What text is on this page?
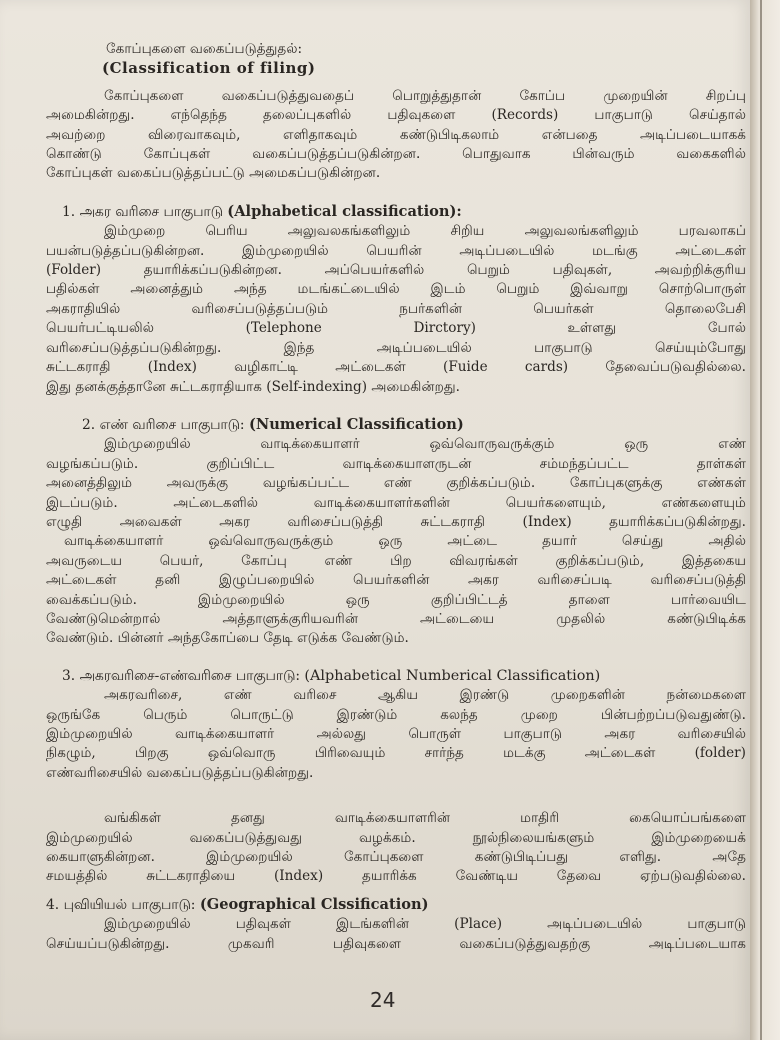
கோப்புகளை வகைப்படுத்துதல்:
(Classification of filing)
கோப்புகளை வகைப்படுத்துவதைப் பொறுத்துதான் கோப்ப முறையின் சிறப்பு
அமைகின்றது. எந்தெந்த தலைப்புகளில் பதிவுகளை (Records) பாகுபாடு செய்தால்
அவற்றை விரைவாகவும், எளிதாகவும் கண்டுபிடிகலாம் என்பதை அடிப்படையாகக்
கொண்டு கோப்புகள் வகைப்படுத்தப்படுகின்றன. பொதுவாக பின்வரும் வகைகளில்
கோப்புகள் வகைப்படுத்தப்பட்டு அமைகப்படுகின்றன.
1. அகர வரிசை பாகுபாடு (Alphabetical classification):
இம்முறை பெரிய அலுவலகங்களிலும் சிறிய அலுவலங்களிலும் பரவலாகப்
பயன்படுத்தப்படுகின்றன. இம்முறையில் பெயரின் அடிப்படையில் மடங்கு அட்டைகள்
(Folder) தயாரிக்கப்படுகின்றன. அப்பெயர்களில் பெறும் பதிவுகள், அவற்றிக்குரிய
பதில்கள் அனைத்தும் அந்த மடங்கட்டையில் இடம் பெறும் இவ்வாறு சொற்பொருள்
அகராதியில் வரிசைப்படுத்தப்படும் நபர்களின் பெயர்கள் தொலைபேசி
பெயர்பட்டியலில் (Telephone Dirctory) உள்ளது போல்
வரிசைப்படுத்தப்படுகின்றது. இந்த அடிப்படையில் பாகுபாடு செய்யும்போது
சுட்டகராதி (Index) வழிகாட்டி அட்டைகள் (Fuide cards) தேவைப்படுவதில்லை.
இது தனக்குத்தானே சுட்டகராதியாக (Self-indexing) அமைகின்றது.
2. எண் வரிசை பாகுபாடு: (Numerical Classification)
இம்முறையில் வாடிக்கையாளர் ஒவ்வொருவருக்கும் ஒரு எண்
வழங்கப்படும். குறிப்பிட்ட வாடிக்கையாளருடன் சம்மந்தப்பட்ட தாள்கள்
அனைத்திலும் அவருக்கு வழங்கப்பட்ட எண் குறிக்கப்படும். கோப்புகளுக்கு எண்கள்
இடப்படும். அட்டைகளில் வாடிக்கையாளர்களின் பெயர்களையும், எண்களையும்
எழுதி அவைகள் அகர வரிசைப்படுத்தி சுட்டகராதி (Index) தயாரிக்கப்படுகின்றது.
வாடிக்கையாளர் ஒவ்வொருவருக்கும் ஒரு அட்டை தயார் செய்து அதில்
அவருடைய பெயர், கோப்பு எண் பிற விவரங்கள் குறிக்கப்படும், இத்தகைய
அட்டைகள் தனி இழுப்பறையில் பெயர்களின் அகர வரிசைப்படி வரிசைப்படுத்தி
வைக்கப்படும். இம்முறையில் ஒரு குறிப்பிட்டத் தாளை பார்வையிட
வேண்டுமென்றால் அத்தாளுக்குரியவரின் அட்டையை முதலில் கண்டுபிடிக்க
வேண்டும். பின்னர் அந்தகோப்பை தேடி எடுக்க வேண்டும்.
3. அகரவரிசை-எண்வரிசை பாகுபாடு: (Alphabetical Numberical Classification)
அகரவரிசை, எண் வரிசை ஆகிய இரண்டு முறைகளின் நன்மைகளை
ஒருங்கே பெரும் பொருட்டு இரண்டும் கலந்த முறை பின்பற்றப்படுவதுண்டு.
இம்முறையில் வாடிக்கையாளர் அல்லது பொருள் பாகுபாடு அகர வரிசையில்
நிகழும், பிறகு ஒவ்வொரு பிரிவையும் சார்ந்த மடக்கு அட்டைகள் (folder)
எண்வரிசையில் வகைப்படுத்தப்படுகின்றது.
வங்கிகள் தனது வாடிக்கையாளரின் மாதிரி கையொப்பங்களை
இம்முறையில் வகைப்படுத்துவது வழக்கம். நூல்நிலையங்களும் இம்முறையைக்
கையாளுகின்றன. இம்முறையில் கோப்புகளை கண்டுபிடிப்பது எளிது. அதே
சமயத்தில் சுட்டகராதியை (Index) தயாரிக்க வேண்டிய தேவை ஏற்படுவதில்லை.
4. புவியியல் பாகுபாடு: (Geographical Clssification)
இம்முறையில் பதிவுகள் இடங்களின் (Place) அடிப்படையில் பாகுபாடு
செய்யப்படுகின்றது. முகவரி பதிவுகளை வகைப்படுத்துவதற்கு அடிப்படையாக
24
